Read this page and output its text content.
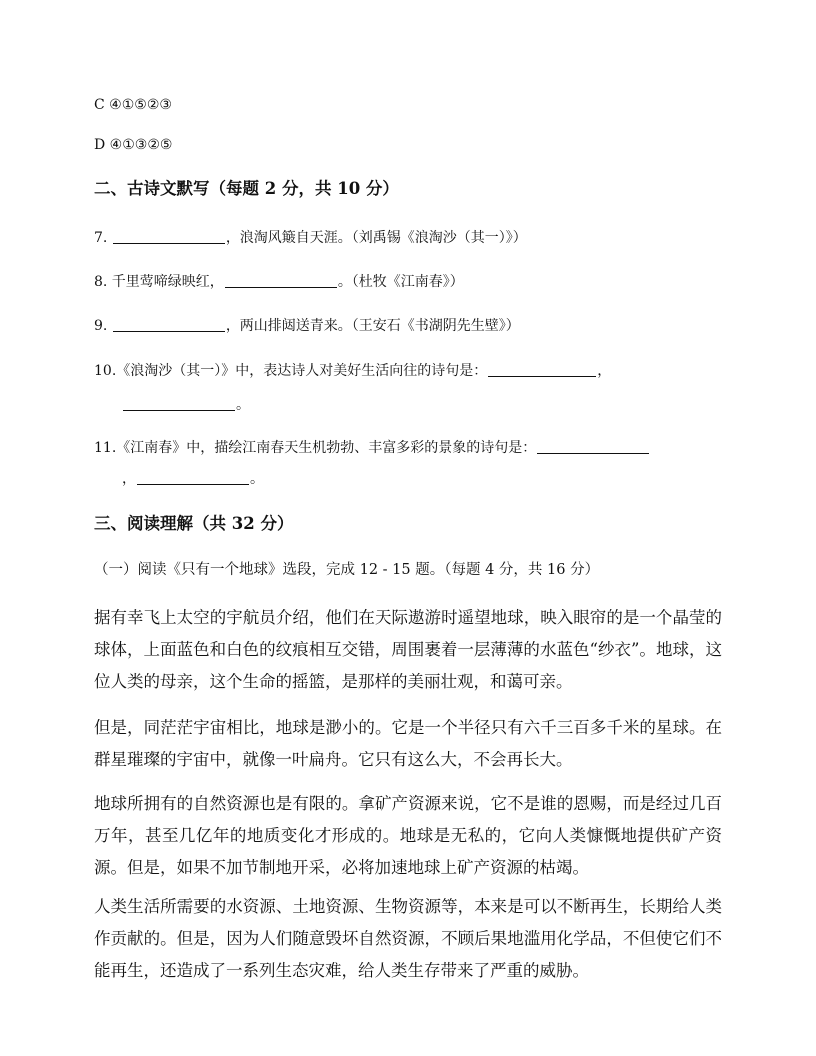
C ④①⑤②③
D ④①③②⑤
二、古诗文默写（每题 2 分，共 10 分）
7.	，浪淘风簸自天涯。（刘禹锡《浪淘沙（其一）》）
8. 千里莺啼绿映红，	。（杜牧《江南春》）
9.	，两山排闼送青来。（王安石《书湖阴先生壁》）
10.《浪淘沙（其一）》中，表达诗人对美好生活向往的诗句是：	，
。
11.《江南春》中，描绘江南春天生机勃勃、丰富多彩的景象的诗句是：
，	。
三、阅读理解（共 32 分）
（一）阅读《只有一个地球》选段，完成 12 - 15 题。（每题 4 分，共 16 分）
据有幸飞上太空的宇航员介绍，他们在天际遨游时遥望地球，映入眼帘的是一个晶莹的球体，上面蓝色和白色的纹痕相互交错，周围裹着一层薄薄的水蓝色“纱衣”。地球，这位人类的母亲，这个生命的摇篮，是那样的美丽壮观，和蔼可亲。
但是，同茫茫宇宙相比，地球是渺小的。它是一个半径只有六千三百多千米的星球。在群星璀璨的宇宙中，就像一叶扁舟。它只有这么大，不会再长大。
地球所拥有的自然资源也是有限的。拿矿产资源来说，它不是谁的恩赐，而是经过几百万年，甚至几亿年的地质变化才形成的。地球是无私的，它向人类慷慨地提供矿产资源。但是，如果不加节制地开采，必将加速地球上矿产资源的枯竭。
人类生活所需要的水资源、土地资源、生物资源等，本来是可以不断再生，长期给人类作贡献的。但是，因为人们随意毁坏自然资源，不顾后果地滥用化学品，不但使它们不能再生，还造成了一系列生态灾难，给人类生存带来了严重的威胁。
